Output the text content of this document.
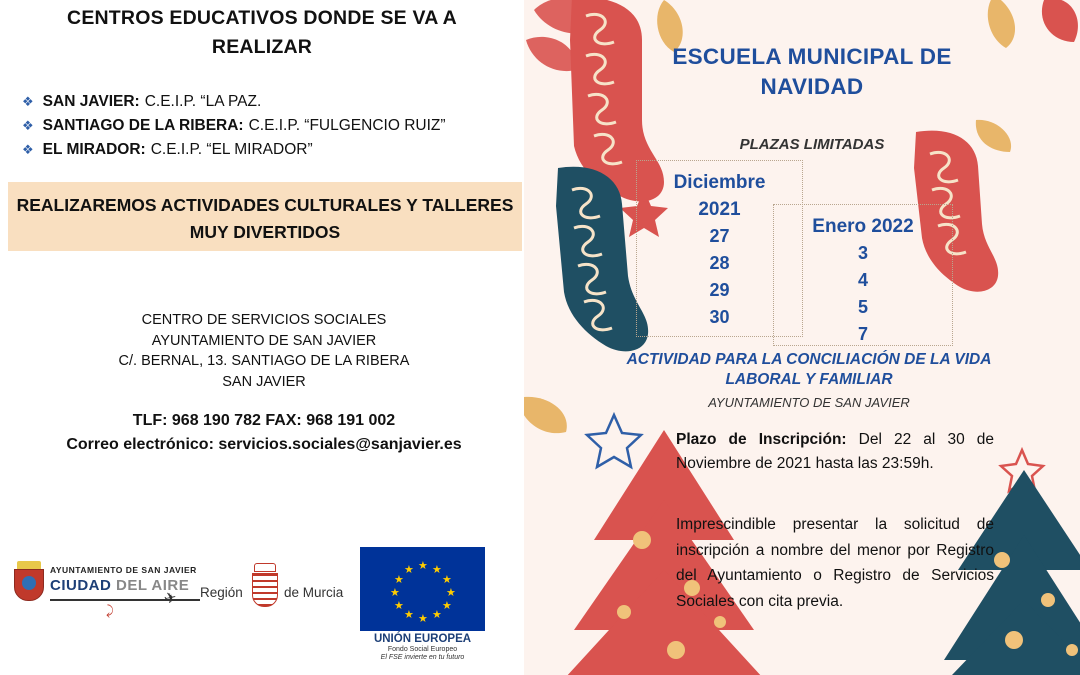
CENTROS EDUCATIVOS DONDE SE VA A REALIZAR
❖ SAN JAVIER: C.E.I.P. “LA PAZ.
❖ SANTIAGO DE LA RIBERA: C.E.I.P. “FULGENCIO RUIZ”
❖ EL MIRADOR: C.E.I.P. “EL MIRADOR”
REALIZAREMOS ACTIVIDADES CULTURALES Y TALLERES MUY DIVERTIDOS
CENTRO DE SERVICIOS SOCIALES
AYUNTAMIENTO DE SAN JAVIER
C/. BERNAL, 13. SANTIAGO DE LA RIBERA
SAN JAVIER
TLF: 968 190 782 FAX: 968 191 002
Correo electrónico: servicios.sociales@sanjavier.es
AYUNTAMIENTO DE SAN JAVIER
CIUDAD DEL AIRE
✈
⤸
Región	de Murcia
★ ★
★
★
★
★
★
★
★
★
★
★
UNIÓN EUROPEA
Fondo Social Europeo
El FSE invierte en tu futuro
ESCUELA MUNICIPAL DE NAVIDAD
PLAZAS LIMITADAS
Diciembre
2021
27
28
29
30
Enero 2022
3
4
5
7
ACTIVIDAD PARA LA CONCILIACIÓN DE LA VIDA LABORAL Y FAMILIAR
AYUNTAMIENTO DE SAN JAVIER
Plazo de Inscripción: Del 22 al 30 de Noviembre de 2021 hasta las 23:59h.
Imprescindible presentar la solicitud de inscripción a nombre del menor por Registro del Ayuntamiento o Registro de Servicios Sociales con cita previa.
